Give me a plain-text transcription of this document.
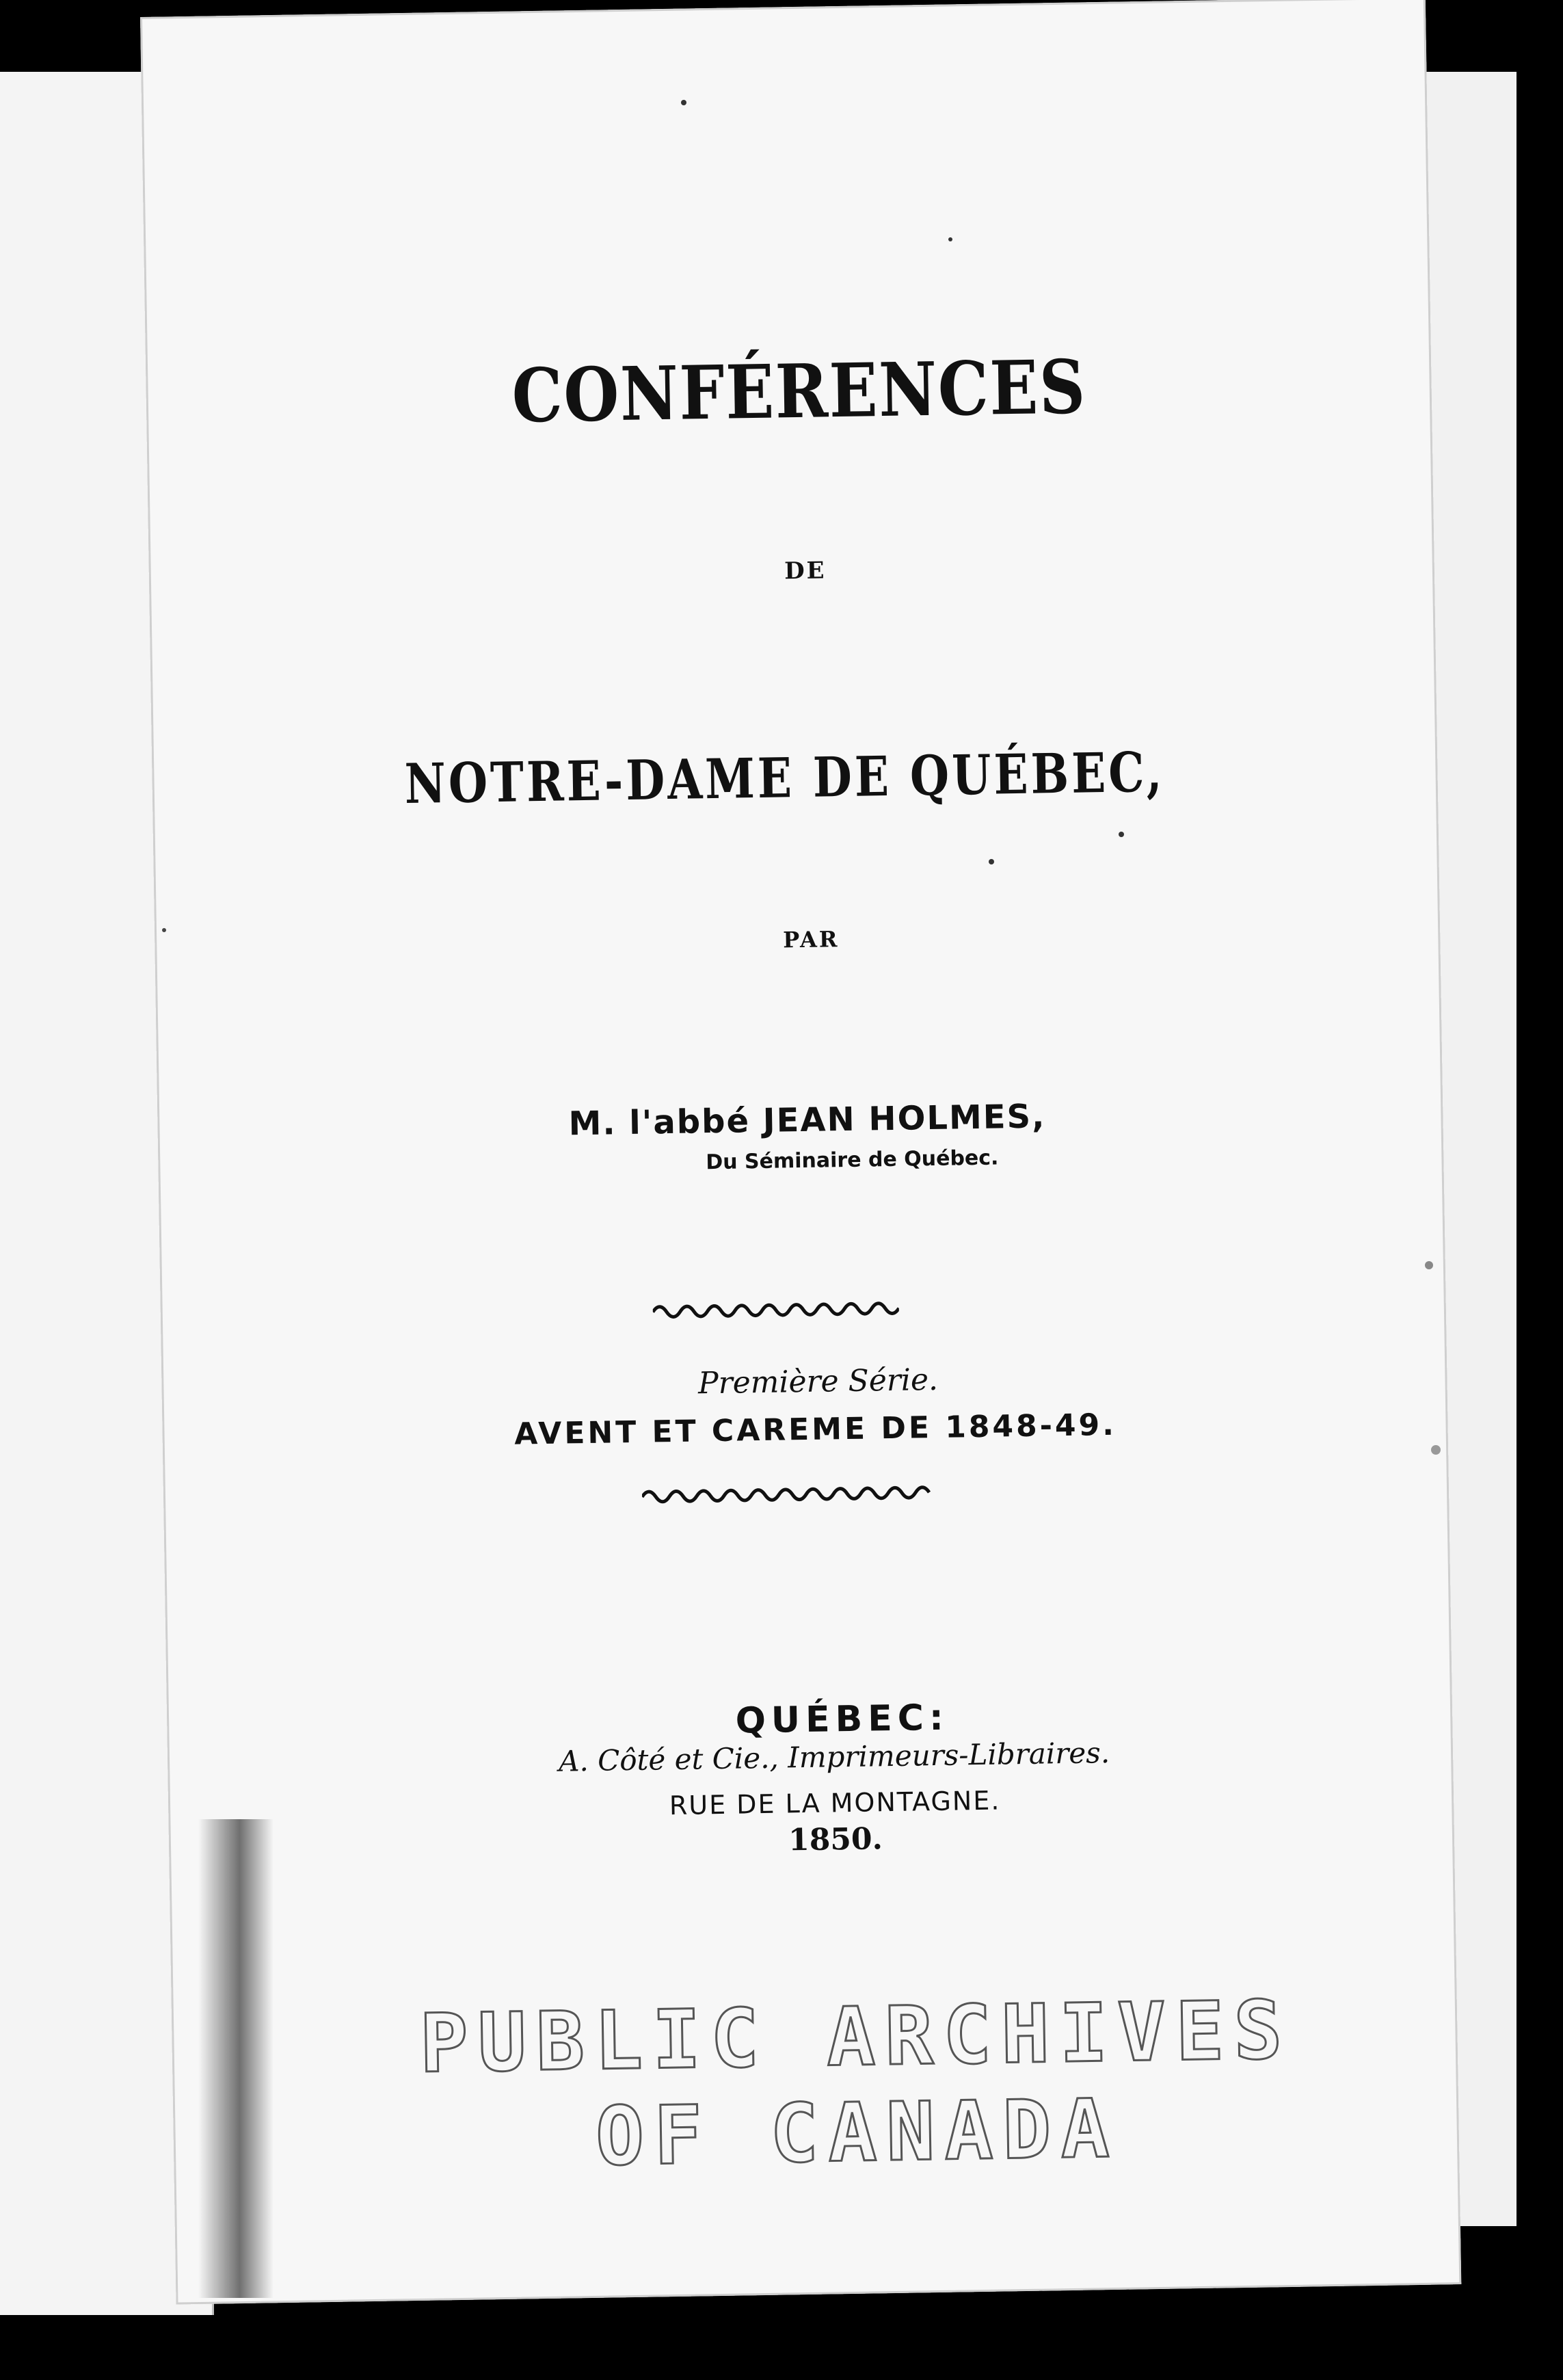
CONFÉRENCES
DE
NOTRE-DAME DE QUÉBEC,
PAR
M. l'abbé JEAN HOLMES,
Du Séminaire de Québec.
Première Série.
AVENT ET CAREME DE 1848-49.
QUÉBEC:
A. Côté et Cie., Imprimeurs-Libraires.
RUE DE LA MONTAGNE.
1850.
PUBLIC ARCHIVES
OF CANADA
